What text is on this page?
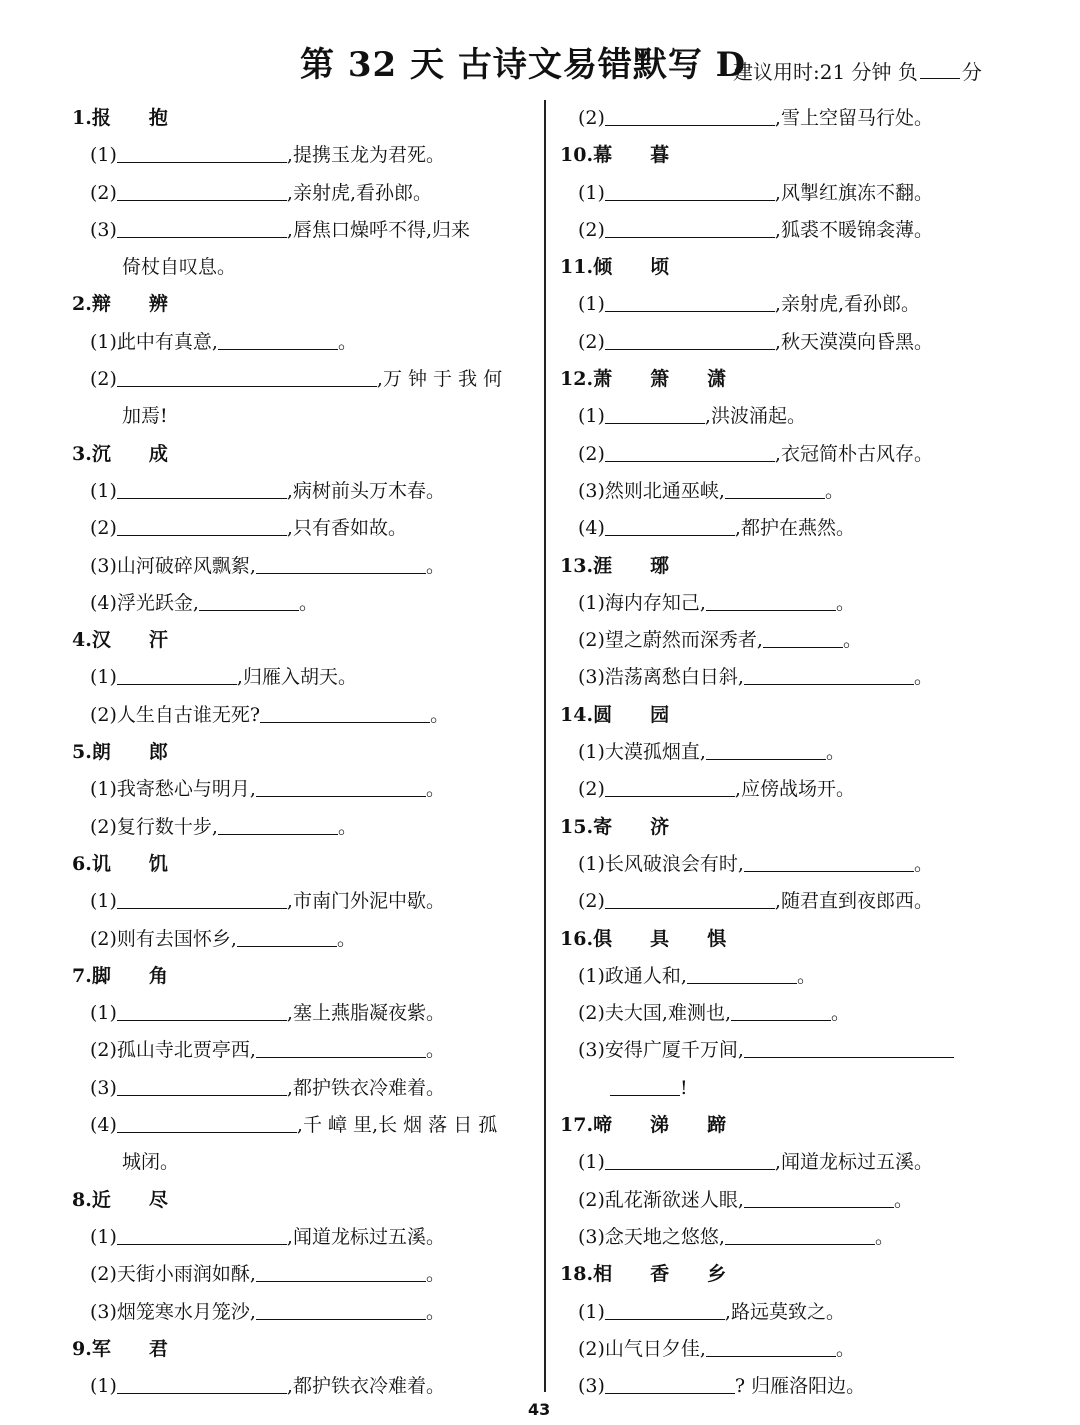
第 32 天 古诗文易错默写 D
建议用时:21 分钟 负 分
1.报 抱
(1)	,提携玉龙为君死。
(2)	,亲射虎,看孙郎。
(3)	,唇焦口燥呼不得,归来
倚杖自叹息。
2.辩 辨
(1)此中有真意,	。
(2)	,万 钟 于 我 何
加焉!
3.沉 成
(1)	,病树前头万木春。
(2)	,只有香如故。
(3)山河破碎风飘絮,	。
(4)浮光跃金,	。
4.汉 汗
(1)	,归雁入胡天。
(2)人生自古谁无死?	。
5.朗 郎
(1)我寄愁心与明月,	。
(2)复行数十步,	。
6.讥 饥
(1)	,市南门外泥中歇。
(2)则有去国怀乡,	。
7.脚 角
(1)	,塞上燕脂凝夜紫。
(2)孤山寺北贾亭西,	。
(3)	,都护铁衣冷难着。
(4)	,千 嶂 里,长 烟 落 日 孤
城闭。
8.近 尽
(1)	,闻道龙标过五溪。
(2)天街小雨润如酥,	。
(3)烟笼寒水月笼沙,	。
9.军 君
(1)	,都护铁衣冷难着。
(2)	,雪上空留马行处。
10.幕 暮
(1)	,风掣红旗冻不翻。
(2)	,狐裘不暖锦衾薄。
11.倾 顷
(1)	,亲射虎,看孙郎。
(2)	,秋天漠漠向昏黑。
12.萧 箫 潇
(1)	,洪波涌起。
(2)	,衣冠简朴古风存。
(3)然则北通巫峡,	。
(4)	,都护在燕然。
13.涯 琊
(1)海内存知己,	。
(2)望之蔚然而深秀者,	。
(3)浩荡离愁白日斜,	。
14.圆 园
(1)大漠孤烟直,	。
(2)	,应傍战场开。
15.寄 济
(1)长风破浪会有时,	。
(2)	,随君直到夜郎西。
16.俱 具 惧
(1)政通人和,	。
(2)夫大国,难测也,	。
(3)安得广厦千万间,
!
17.啼 涕 蹄
(1)	,闻道龙标过五溪。
(2)乱花渐欲迷人眼,	。
(3)念天地之悠悠,	。
18.相 香 乡
(1)	,路远莫致之。
(2)山气日夕佳,	。
(3)	? 归雁洛阳边。
43
